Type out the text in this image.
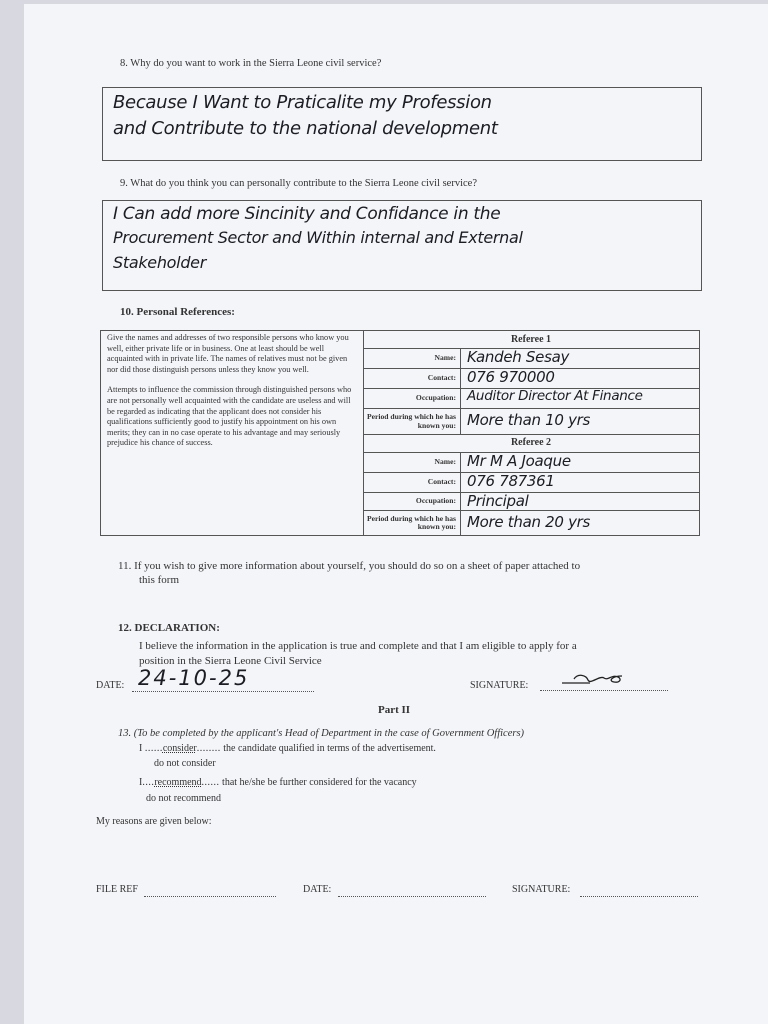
8. Why do you want to work in the Sierra Leone civil service?
Because I Want to Praticalite my Profession
and Contribute to the national development
9. What do you think you can personally contribute to the Sierra Leone civil service?
I Can add more Sincinity and Confidance in the
Procurement Sector and Within internal and External
Stakeholder
10. Personal References:

Give the names and addresses of two responsible persons who know you well, either private life or in business. One at least should be well acquainted with in private life. The names of relatives must not be given nor did those distinguish persons unless they know you well.

Attempts to influence the commission through distinguished persons who are not personally well acquainted with the candidate are useless and will be regarded as indicating that the applicant does not consider his qualifications sufficiently good to justify his appointment on his own merits; they can in no case operate to his advantage and may seriously prejudice his chance of success.

Referee 1
Name: Kandeh Sesay
Contact: 076 970000
Occupation: Auditor Director At Finance
Period during which he has known you: More than 10 yrs
Referee 2
Name: Mr M A Joaque
Contact: 076 787361
Occupation: Principal
Period during which he has known you: More than 20 yrs
11. If you wish to give more information about yourself, you should do so on a sheet of paper attached to
this form
12. DECLARATION:
I believe the information in the application is true and complete and that I am eligible to apply for a
position in the Sierra Leone Civil Service
DATE: 24-10-25	SIGNATURE:
Part II
13. (To be completed by the applicant's Head of Department in the case of Government Officers)
I ......consider........ the candidate qualified in terms of the advertisement.
do not consider
I....recommend...... that he/she be further considered for the vacancy
do not recommend
My reasons are given below:
FILE REF	DATE:	SIGNATURE:
